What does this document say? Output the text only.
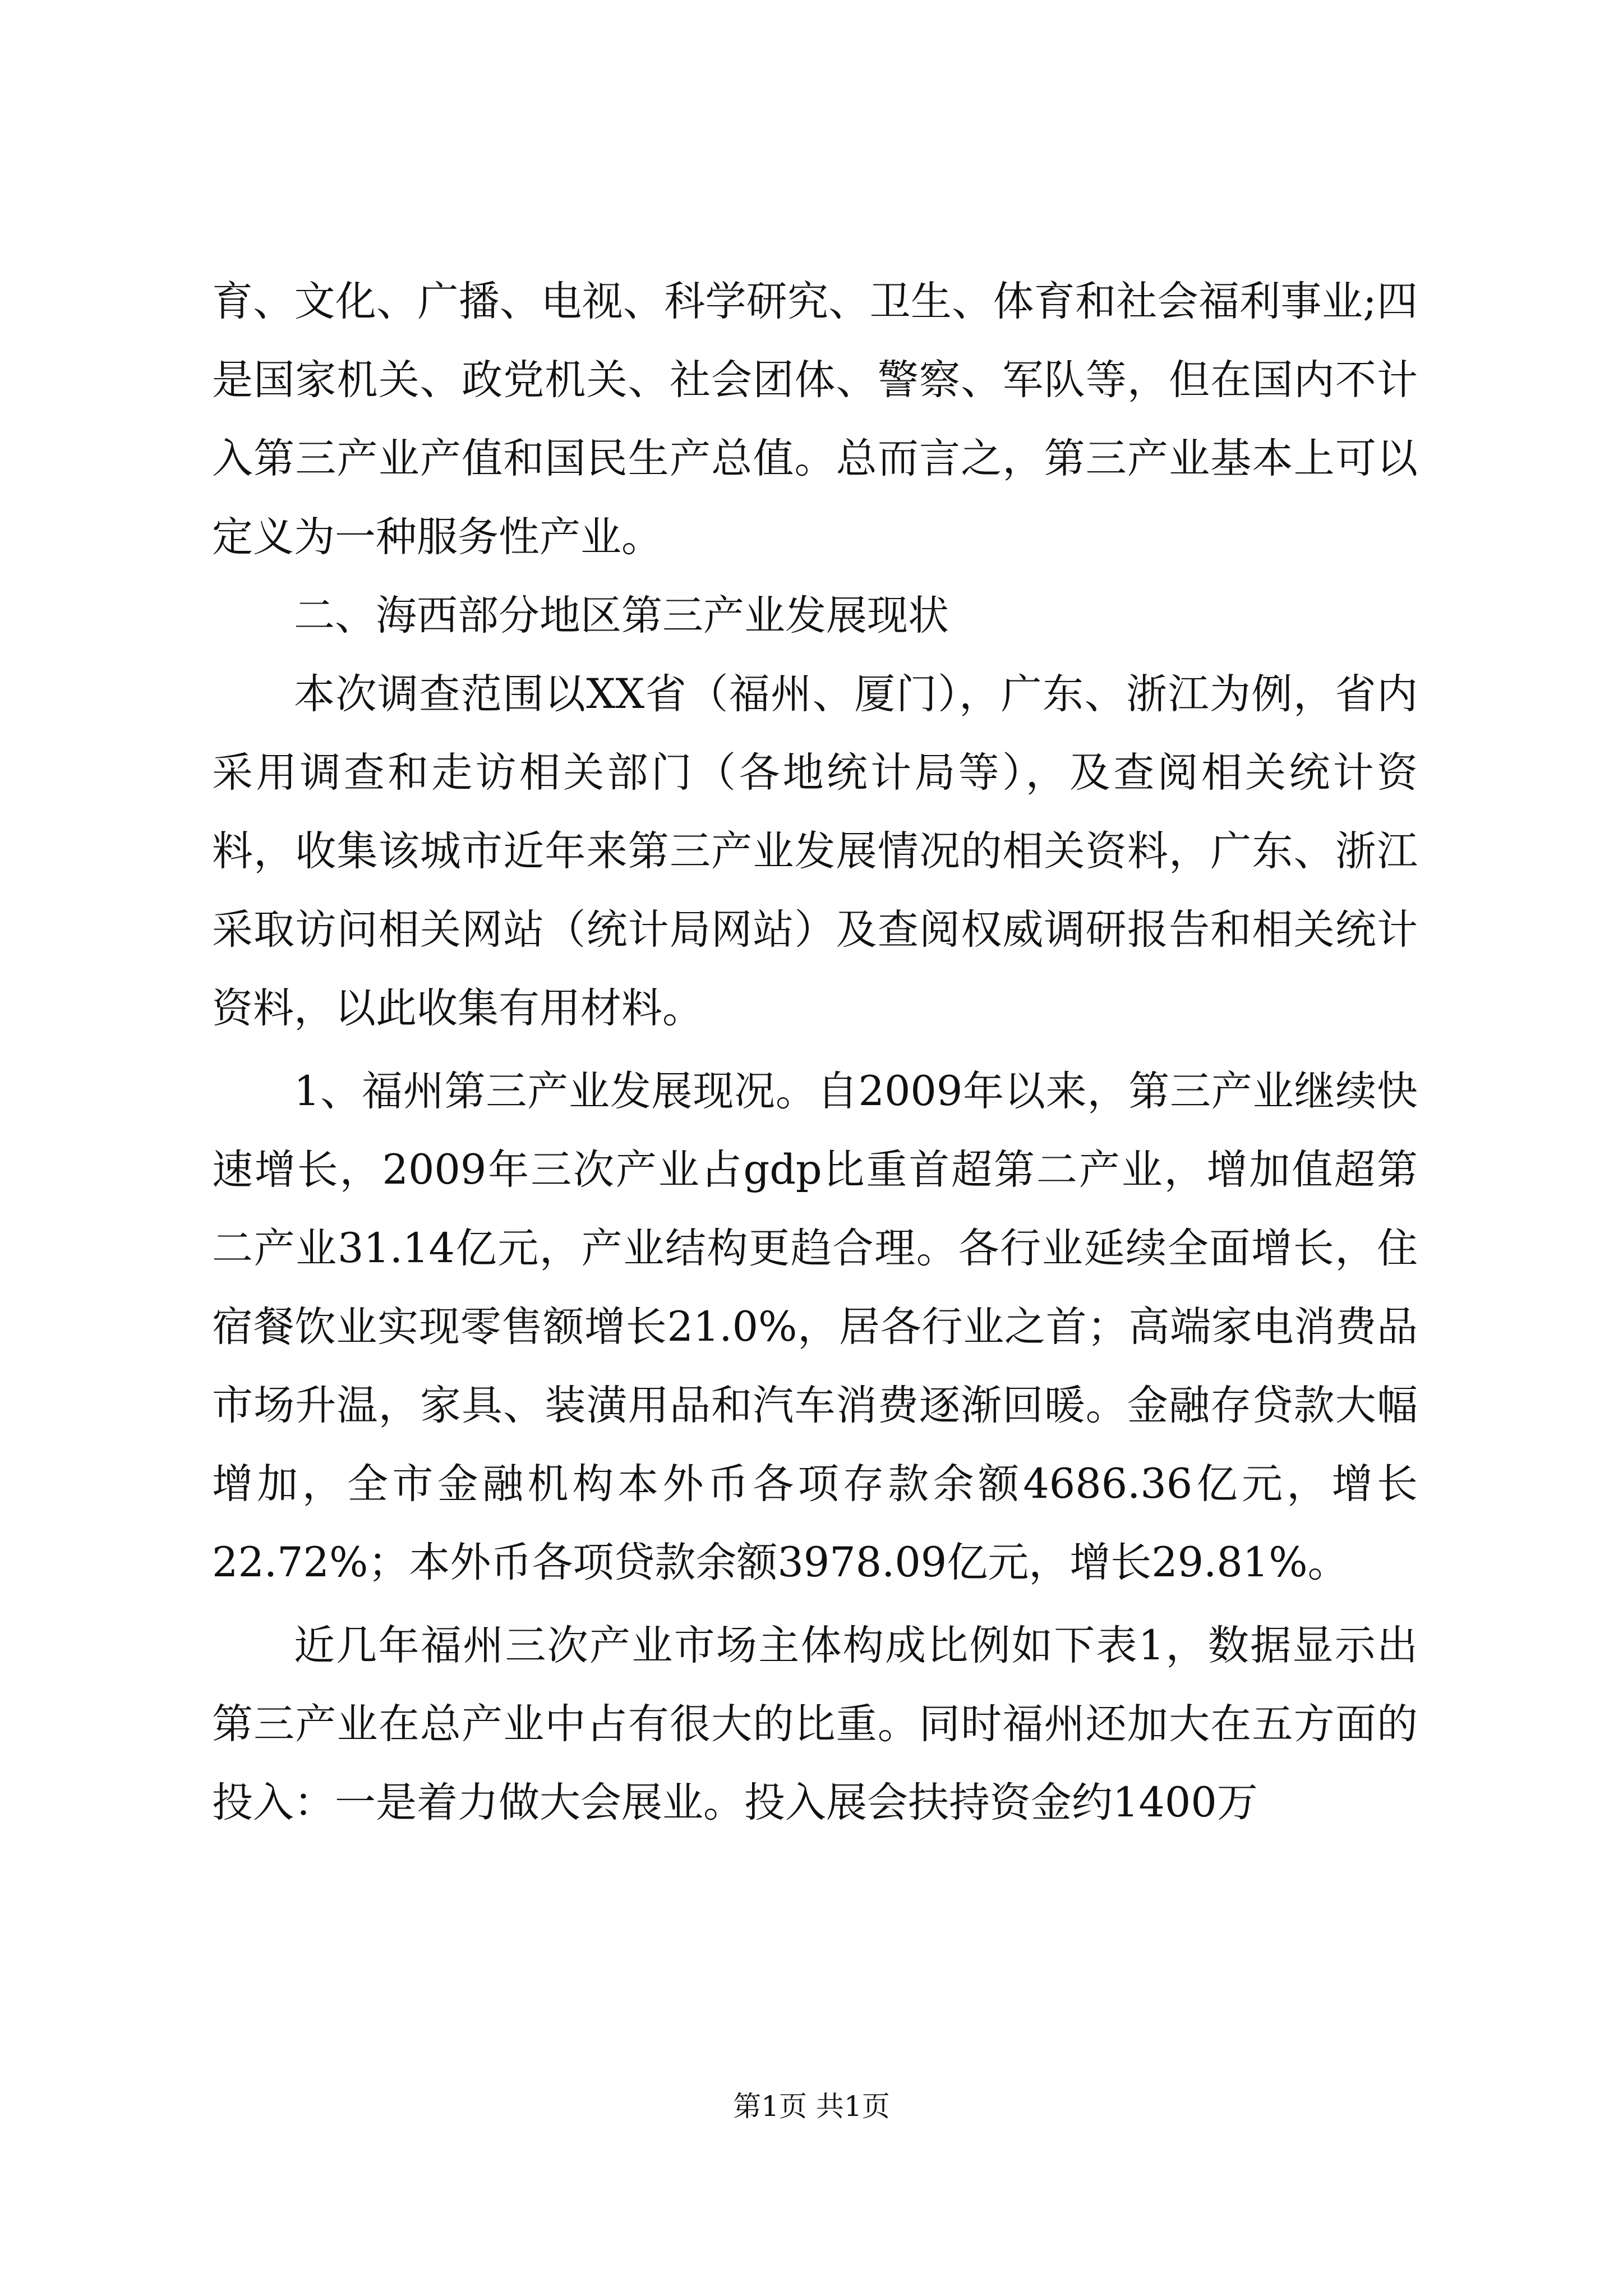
育、文化、广播、电视、科学研究、卫生、体育和社会福利事业;四是国家机关、政党机关、社会团体、警察、军队等，但在国内不计入第三产业产值和国民生产总值。总而言之，第三产业基本上可以定义为一种服务性产业。

二、海西部分地区第三产业发展现状

本次调查范围以XX省（福州、厦门），广东、浙江为例，省内采用调查和走访相关部门（各地统计局等），及查阅相关统计资料，收集该城市近年来第三产业发展情况的相关资料，广东、浙江采取访问相关网站（统计局网站）及查阅权威调研报告和相关统计资料，以此收集有用材料。

1、福州第三产业发展现况。自2009年以来，第三产业继续快速增长，2009年三次产业占gdp比重首超第二产业，增加值超第二产业31.14亿元，产业结构更趋合理。各行业延续全面增长，住宿餐饮业实现零售额增长21.0%，居各行业之首；高端家电消费品市场升温，家具、装潢用品和汽车消费逐渐回暖。金融存贷款大幅增加，全市金融机构本外币各项存款余额4686.36亿元，增长22.72%；本外币各项贷款余额3978.09亿元，增长29.81%。

近几年福州三次产业市场主体构成比例如下表1，数据显示出第三产业在总产业中占有很大的比重。同时福州还加大在五方面的投入：一是着力做大会展业。投入展会扶持资金约1400万

第1页 共1页
